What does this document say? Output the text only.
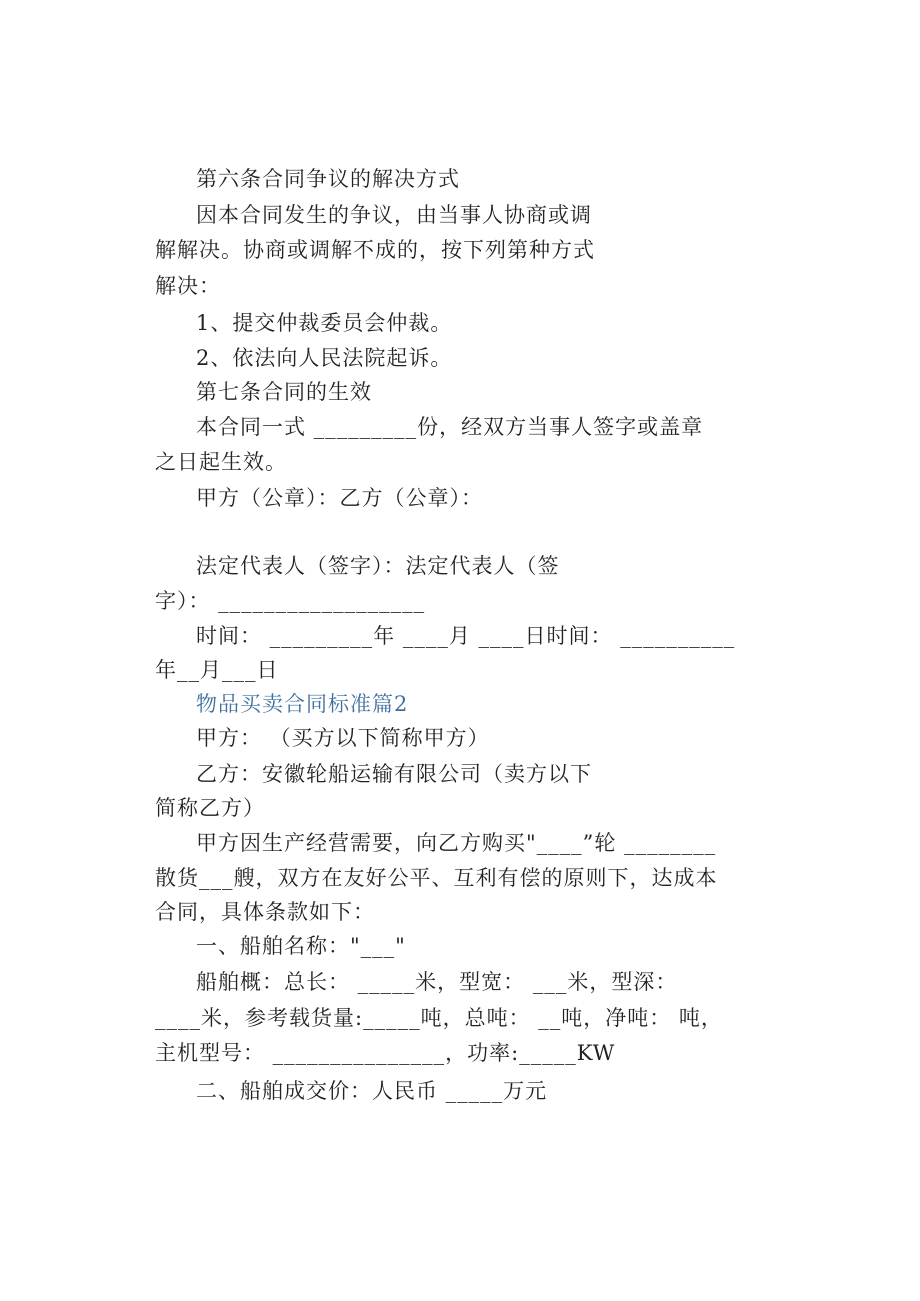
第六条合同争议的解决方式
因本合同发生的争议，由当事人协商或调
解解决。协商或调解不成的，按下列第种方式
解决：
1、提交仲裁委员会仲裁。
2、依法向人民法院起诉。
第七条合同的生效
本合同一式 _________份，经双方当事人签字或盖章
之日起生效。
甲方（公章）：乙方（公章）：
法定代表人（签字）：法定代表人（签
字）： __________________
时间： _________年 ____月 ____日时间： __________
年__月___日
物品买卖合同标准篇2
甲方： （买方以下简称甲方）
乙方：安徽轮船运输有限公司（卖方以下
简称乙方）
甲方因生产经营需要，向乙方购买"____”轮 ________
散货___艘，双方在友好公平、互利有偿的原则下，达成本
合同，具体条款如下：
一、船舶名称："___"
船舶概：总长： _____米，型宽： ___米，型深：
____米，参考载货量:_____吨，总吨： __吨，净吨： 吨，
主机型号： _______________，功率:_____KW
二、船舶成交价：人民币 _____万元
